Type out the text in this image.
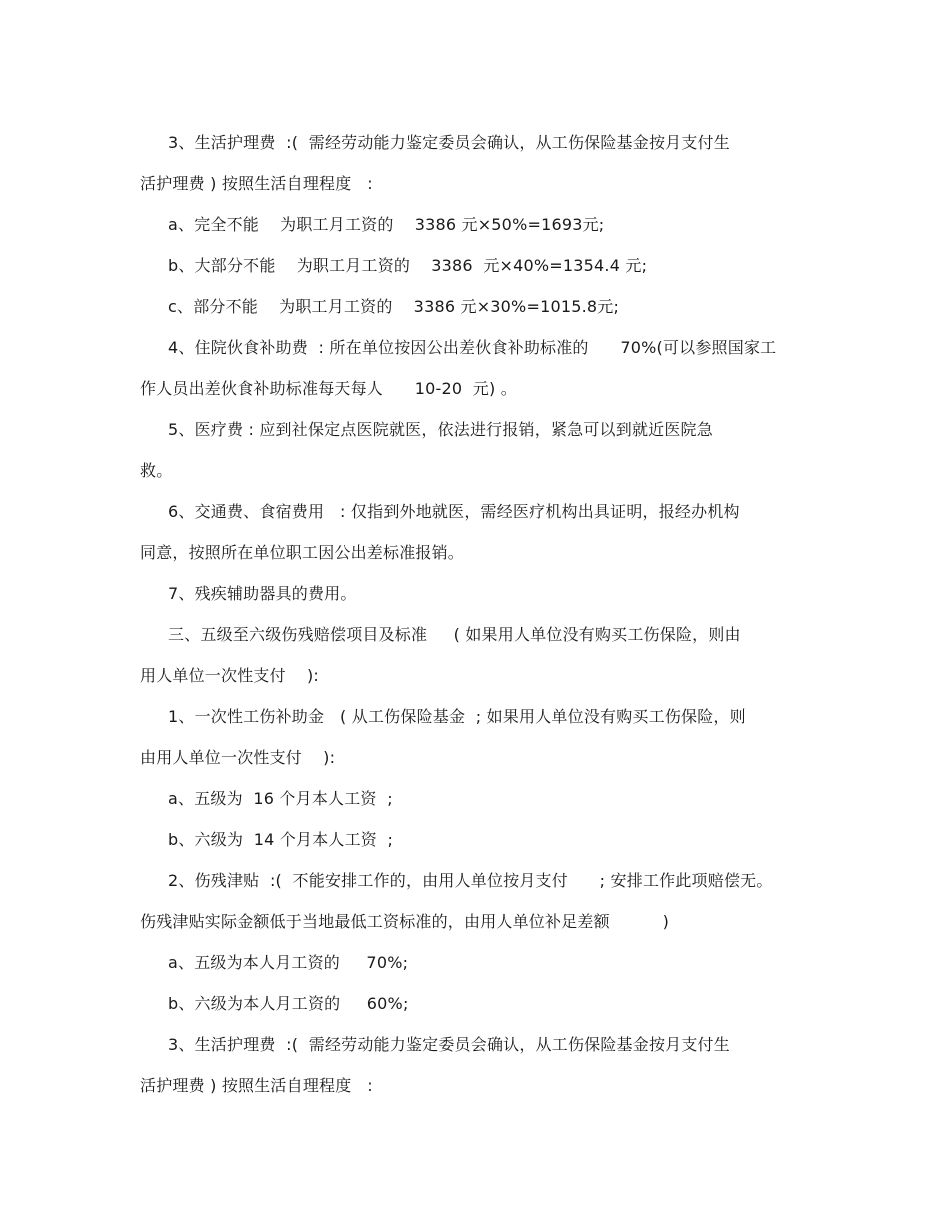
3、生活护理费  :(  需经劳动能力鉴定委员会确认，从工伤保险基金按月支付生
活护理费 ) 按照生活自理程度   :
a、完全不能    为职工月工资的    3386 元×50%=1693元;
b、大部分不能    为职工月工资的    3386  元×40%=1354.4 元;
c、部分不能    为职工月工资的    3386 元×30%=1015.8元;
4、住院伙食补助费  : 所在单位按因公出差伙食补助标准的      70%(可以参照国家工
作人员出差伙食补助标准每天每人      10-20  元) 。
5、医疗费 : 应到社保定点医院就医，依法进行报销，紧急可以到就近医院急
救。
6、交通费、食宿费用   : 仅指到外地就医，需经医疗机构出具证明，报经办机构
同意，按照所在单位职工因公出差标准报销。
7、残疾辅助器具的费用。
三、五级至六级伤残赔偿项目及标准     ( 如果用人单位没有购买工伤保险，则由
用人单位一次性支付    ):
1、一次性工伤补助金   ( 从工伤保险基金  ; 如果用人单位没有购买工伤保险，则
由用人单位一次性支付    ):
a、五级为  16 个月本人工资  ;
b、六级为  14 个月本人工资  ;
2、伤残津贴  :(  不能安排工作的，由用人单位按月支付      ; 安排工作此项赔偿无。
伤残津贴实际金额低于当地最低工资标准的，由用人单位补足差额          )
a、五级为本人月工资的     70%;
b、六级为本人月工资的     60%;
3、生活护理费  :(  需经劳动能力鉴定委员会确认，从工伤保险基金按月支付生
活护理费 ) 按照生活自理程度   :
